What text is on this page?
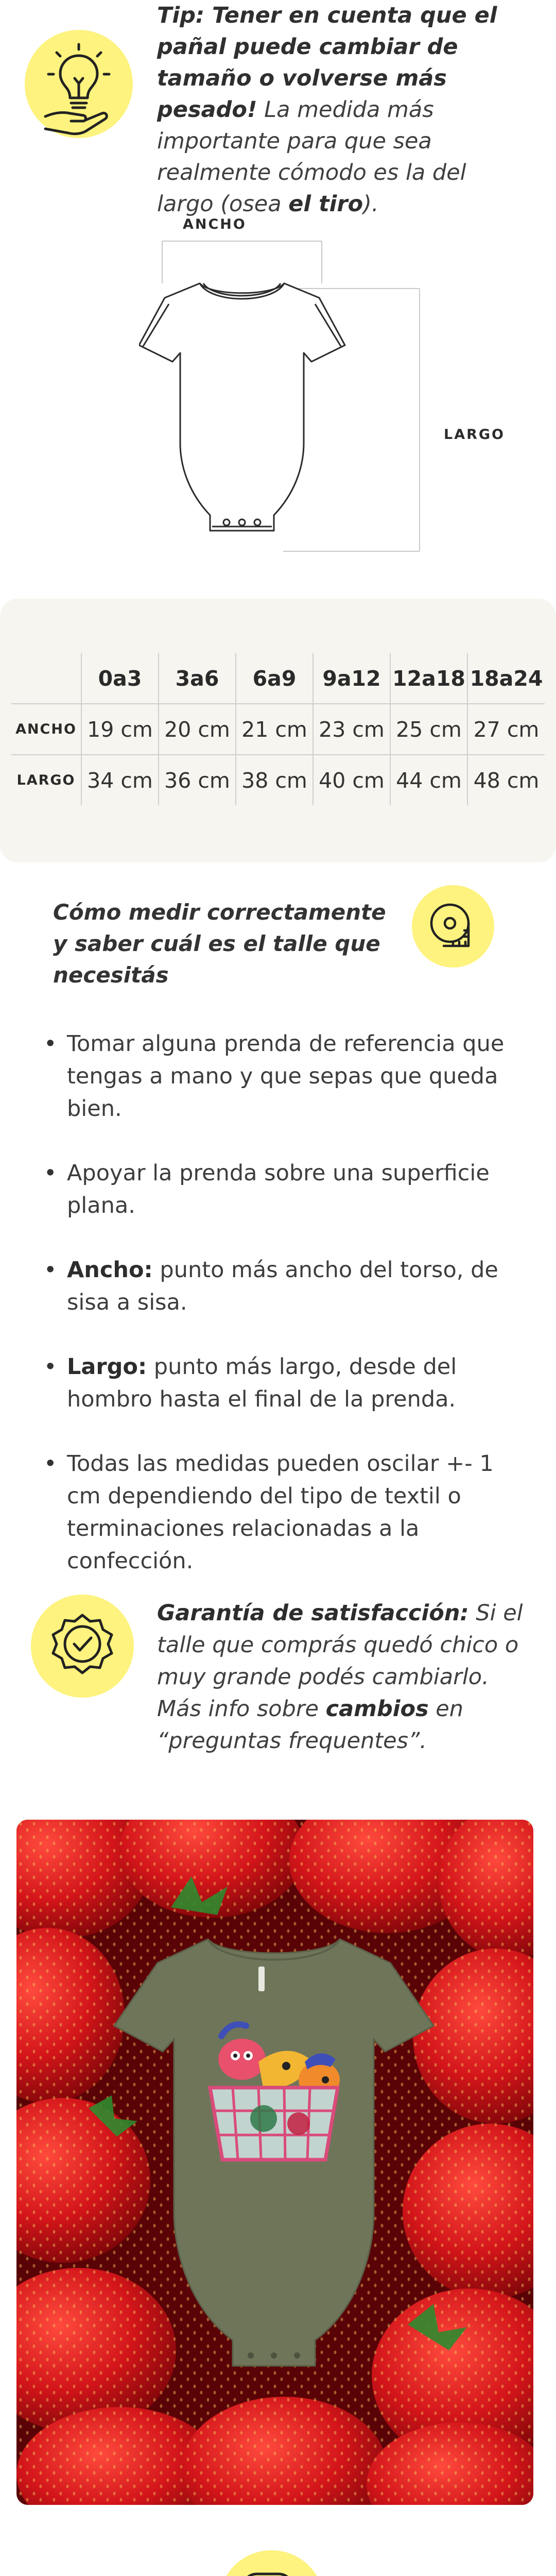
Tip: Tener en cuenta que el pañal puede cambiar de tamaño o volverse más pesado! La medida más importante para que sea realmente cómodo es la del largo (osea el tiro).
ANCHO
LARGO
	0a3	3a6	6a9	9a12	12a18	18a24
ANCHO	19 cm	20 cm	21 cm	23 cm	25 cm	27 cm
LARGO	34 cm	36 cm	38 cm	40 cm	44 cm	48 cm
Cómo medir correctamente y saber cuál es el talle que necesitás
• Tomar alguna prenda de referencia que tengas a mano y que sepas que queda bien.
• Apoyar la prenda sobre una superficie plana.
• Ancho: punto más ancho del torso, de sisa a sisa.
• Largo: punto más largo, desde del hombro hasta el final de la prenda.
• Todas las medidas pueden oscilar +- 1 cm dependiendo del tipo de textil o terminaciones relacionadas a la confección.
Garantía de satisfacción: Si el talle que comprás quedó chico o muy grande podés cambiarlo. Más info sobre cambios en “preguntas frequentes”.
